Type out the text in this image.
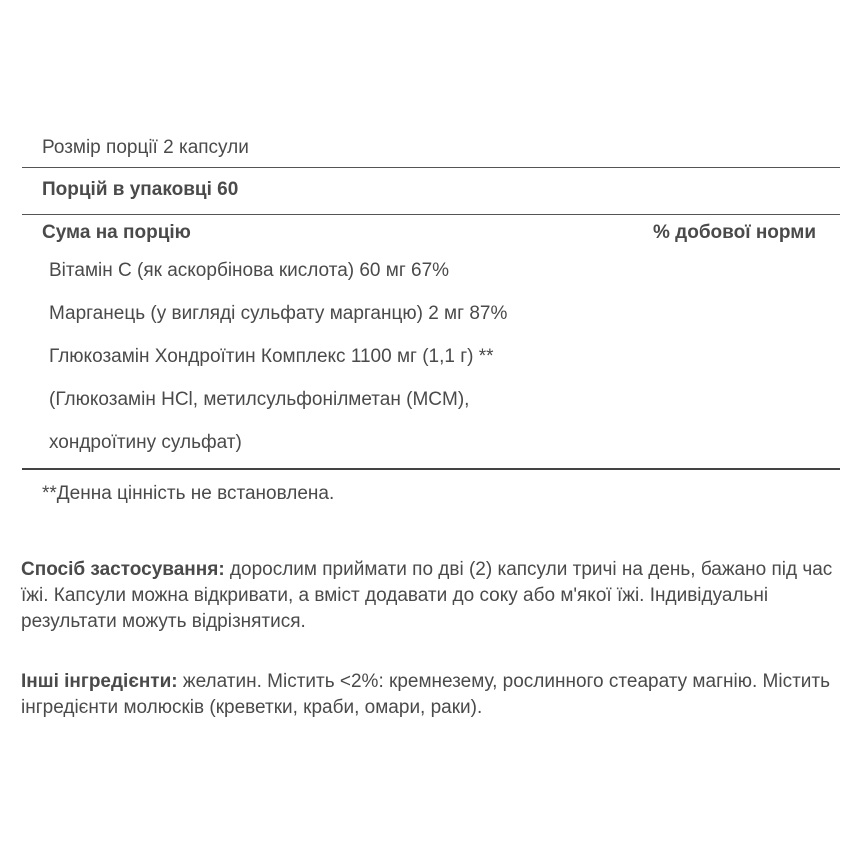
Розмір порції 2 капсули
Порцій в упаковці 60
Сума на порцію	% добової норми
Вітамін С (як аскорбінова кислота) 60 мг 67%
Марганець (у вигляді сульфату марганцю) 2 мг 87%
Глюкозамін Хондроїтин Комплекс 1100 мг (1,1 г) **
(Глюкозамін HCl, метилсульфонілметан (MCM),
хондроїтину сульфат)
**Денна цінність не встановлена.
Спосіб застосування: дорослим приймати по дві (2) капсули тричі на день, бажано під час їжі. Капсули можна відкривати, а вміст додавати до соку або м'якої їжі. Індивідуальні результати можуть відрізнятися.
Інші інгредієнти: желатин. Містить <2%: кремнезему, рослинного стеарату магнію. Містить інгредієнти молюсків (креветки, краби, омари, раки).
